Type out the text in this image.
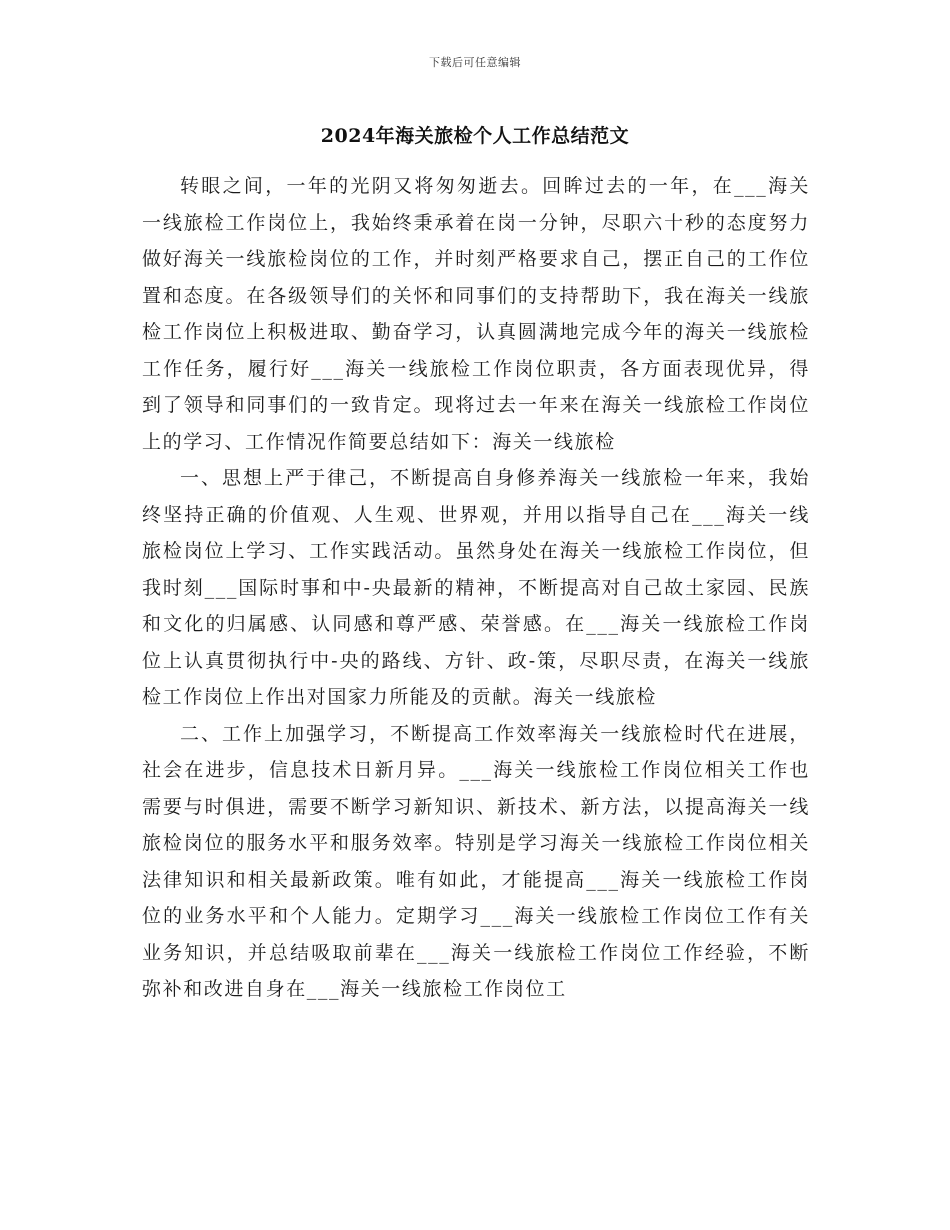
下载后可任意编辑
2024年海关旅检个人工作总结范文

转眼之间，一年的光阴又将匆匆逝去。回眸过去的一年，在___海关一线旅检工作岗位上，我始终秉承着在岗一分钟，尽职六十秒的态度努力做好海关一线旅检岗位的工作，并时刻严格要求自己，摆正自己的工作位置和态度。在各级领导们的关怀和同事们的支持帮助下，我在海关一线旅检工作岗位上积极进取、勤奋学习，认真圆满地完成今年的海关一线旅检工作任务，履行好___海关一线旅检工作岗位职责，各方面表现优异，得到了领导和同事们的一致肯定。现将过去一年来在海关一线旅检工作岗位上的学习、工作情况作简要总结如下：海关一线旅检

一、思想上严于律己，不断提高自身修养海关一线旅检一年来，我始终坚持正确的价值观、人生观、世界观，并用以指导自己在___海关一线旅检岗位上学习、工作实践活动。虽然身处在海关一线旅检工作岗位，但我时刻___国际时事和中-央最新的精神，不断提高对自己故土家园、民族和文化的归属感、认同感和尊严感、荣誉感。在___海关一线旅检工作岗位上认真贯彻执行中-央的路线、方针、政-策，尽职尽责，在海关一线旅检工作岗位上作出对国家力所能及的贡献。海关一线旅检

二、工作上加强学习，不断提高工作效率海关一线旅检时代在进展，社会在进步，信息技术日新月异。___海关一线旅检工作岗位相关工作也需要与时俱进，需要不断学习新知识、新技术、新方法，以提高海关一线旅检岗位的服务水平和服务效率。特别是学习海关一线旅检工作岗位相关法律知识和相关最新政策。唯有如此，才能提高___海关一线旅检工作岗位的业务水平和个人能力。定期学习___海关一线旅检工作岗位工作有关业务知识，并总结吸取前辈在___海关一线旅检工作岗位工作经验，不断弥补和改进自身在___海关一线旅检工作岗位工
